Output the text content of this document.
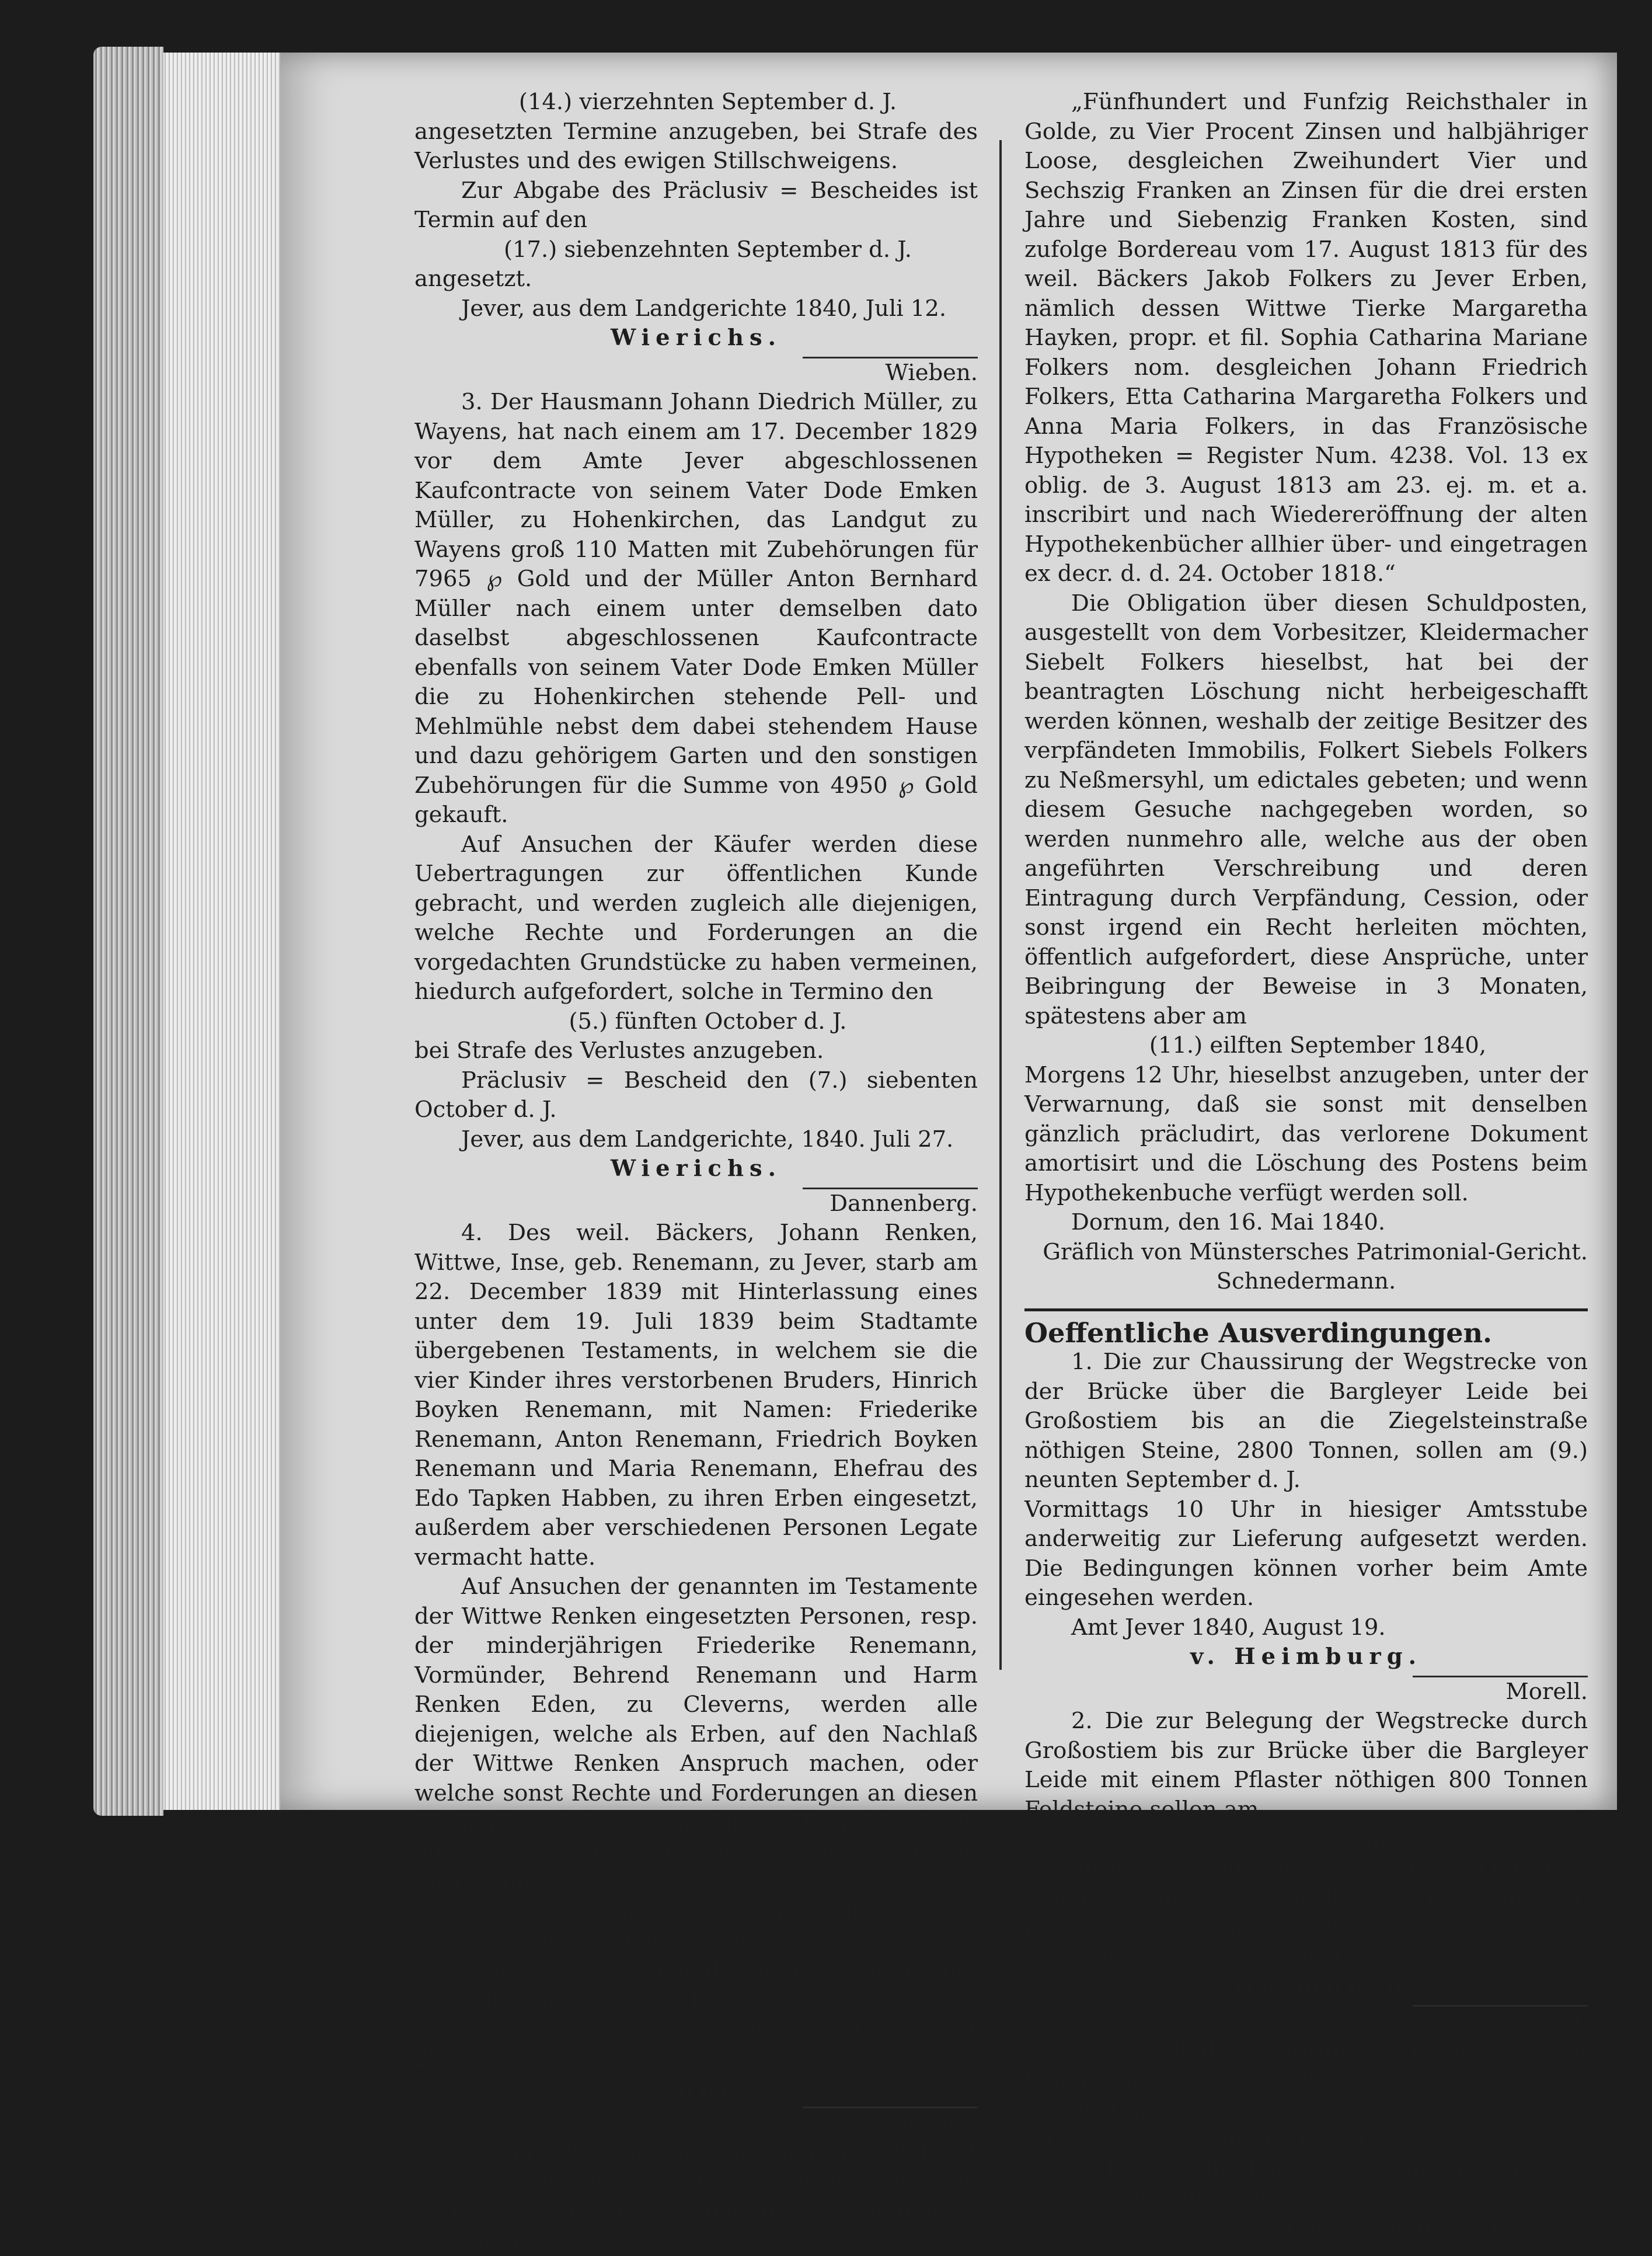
(14.) vierzehnten September d. J.

angesetzten Termine anzugeben, bei Strafe des Verlustes und des ewigen Stillschweigens.

Zur Abgabe des Präclusiv = Bescheides ist Termin auf den

(17.) siebenzehnten September d. J.

angesetzt.

Jever, aus dem Landgerichte 1840, Juli 12.

Wierichs.

Wieben.

3. Der Hausmann Johann Diedrich Müller, zu Wayens, hat nach einem am 17. December 1829 vor dem Amte Jever abgeschlossenen Kaufcontracte von seinem Vater Dode Emken Müller, zu Hohenkirchen, das Landgut zu Wayens groß 110 Matten mit Zubehörungen für 7965 ℘ Gold und der Müller Anton Bernhard Müller nach einem unter demselben dato daselbst abgeschlossenen Kaufcontracte ebenfalls von seinem Vater Dode Emken Müller die zu Hohenkirchen stehende Pell- und Mehlmühle nebst dem dabei stehendem Hause und dazu gehörigem Garten und den sonstigen Zubehörungen für die Summe von 4950 ℘ Gold gekauft.

Auf Ansuchen der Käufer werden diese Uebertragungen zur öffentlichen Kunde gebracht, und werden zugleich alle diejenigen, welche Rechte und Forderungen an die vorgedachten Grundstücke zu haben vermeinen, hiedurch aufgefordert, solche in Termino den

(5.) fünften October d. J.

bei Strafe des Verlustes anzugeben.

Präclusiv = Bescheid den (7.) siebenten October d. J.

Jever, aus dem Landgerichte, 1840. Juli 27.

Wierichs.

Dannenberg.

4. Des weil. Bäckers, Johann Renken, Wittwe, Inse, geb. Renemann, zu Jever, starb am 22. December 1839 mit Hinterlassung eines unter dem 19. Juli 1839 beim Stadtamte übergebenen Testaments, in welchem sie die vier Kinder ihres verstorbenen Bruders, Hinrich Boyken Renemann, mit Namen: Friederike Renemann, Anton Renemann, Friedrich Boyken Renemann und Maria Renemann, Ehefrau des Edo Tapken Habben, zu ihren Erben eingesetzt, außerdem aber verschiedenen Personen Legate vermacht hatte.

Auf Ansuchen der genannten im Testamente der Wittwe Renken eingesetzten Personen, resp. der minderjährigen Friederike Renemann, Vormünder, Behrend Renemann und Harm Renken Eden, zu Cleverns, werden alle diejenigen, welche als Erben, auf den Nachlaß der Wittwe Renken Anspruch machen, oder welche sonst Rechte und Forderungen an diesen Nachlaß zu haben vermeinen sollten, hierdurch aufgefordert, diese ihre Rechte und Ansprüche im Termine vom

(26.) sechs und zwanzigsten October d. J.,

bei Strafe des Verlustes, anzugeben.

Präclusiv = Bescheid den (29.) neun und zwanzigsten October d. J.

Jever, aus dem Landgerichte 1840, August 20.

Tenge.

v. Mezner.

5. Im Hypothekenbuche der Herrlichkeit Dornum von Häusern auf dem platten Lande Vol. II. pag. 382 Num. 12a. befindet sich folgender Posten intabulirt:

„Fünfhundert und Funfzig Reichsthaler in Golde, zu Vier Procent Zinsen und halbjähriger Loose, desgleichen Zweihundert Vier und Sechszig Franken an Zinsen für die drei ersten Jahre und Siebenzig Franken Kosten, sind zufolge Bordereau vom 17. August 1813 für des weil. Bäckers Jakob Folkers zu Jever Erben, nämlich dessen Wittwe Tierke Margaretha Hayken, propr. et fil. Sophia Catharina Mariane Folkers nom. desgleichen Johann Friedrich Folkers, Etta Catharina Margaretha Folkers und Anna Maria Folkers, in das Französische Hypotheken = Register Num. 4238. Vol. 13 ex oblig. de 3. August 1813 am 23. ej. m. et a. inscribirt und nach Wiedereröffnung der alten Hypothekenbücher allhier über- und eingetragen ex decr. d. d. 24. October 1818.“

Die Obligation über diesen Schuldposten, ausgestellt von dem Vorbesitzer, Kleidermacher Siebelt Folkers hieselbst, hat bei der beantragten Löschung nicht herbeigeschafft werden können, weshalb der zeitige Besitzer des verpfändeten Immobilis, Folkert Siebels Folkers zu Neßmersyhl, um edictales gebeten; und wenn diesem Gesuche nachgegeben worden, so werden nunmehro alle, welche aus der oben angeführten Verschreibung und deren Eintragung durch Verpfändung, Cession, oder sonst irgend ein Recht herleiten möchten, öffentlich aufgefordert, diese Ansprüche, unter Beibringung der Beweise in 3 Monaten, spätestens aber am

(11.) eilften September 1840,

Morgens 12 Uhr, hieselbst anzugeben, unter der Verwarnung, daß sie sonst mit denselben gänzlich präcludirt, das verlorene Dokument amortisirt und die Löschung des Postens beim Hypothekenbuche verfügt werden soll.

Dornum, den 16. Mai 1840.

Gräflich von Münstersches Patrimonial-Gericht.

Schnedermann.

Oeffentliche Ausverdingungen.

1. Die zur Chaussirung der Wegstrecke von der Brücke über die Bargleyer Leide bei Großostiem bis an die Ziegelsteinstraße nöthigen Steine, 2800 Tonnen, sollen am (9.) neunten September d. J.

Vormittags 10 Uhr in hiesiger Amtsstube anderweitig zur Lieferung aufgesetzt werden. Die Bedingungen können vorher beim Amte eingesehen werden.

Amt Jever 1840, August 19.

v. Heimburg.

Morell.

2. Die zur Belegung der Wegstrecke durch Großostiem bis zur Brücke über die Bargleyer Leide mit einem Pflaster nöthigen 800 Tonnen Feldsteine sollen am

(9.) neunten September d. J.,

Vormittags 10 Uhr, im Amtslocal zur Lieferung gegen den 1. April 1841 öffentlich mindestfordernd aufgesetzt werden.

Amt Jever 1840, August 21.

v. Heimburg.

Morell.

3. Es soll die Lieferung folgender für den Wangeroger Leuchtthurm erforderlichen Gegenstände, als:

1) 3000 ℔ gereinigtes Rüböl,

2) 50 ℔ alte feine Leinewand, zum Putzen,

3) 12 Stück Fußmatten,

am (12.) zwölften September d. J.,
